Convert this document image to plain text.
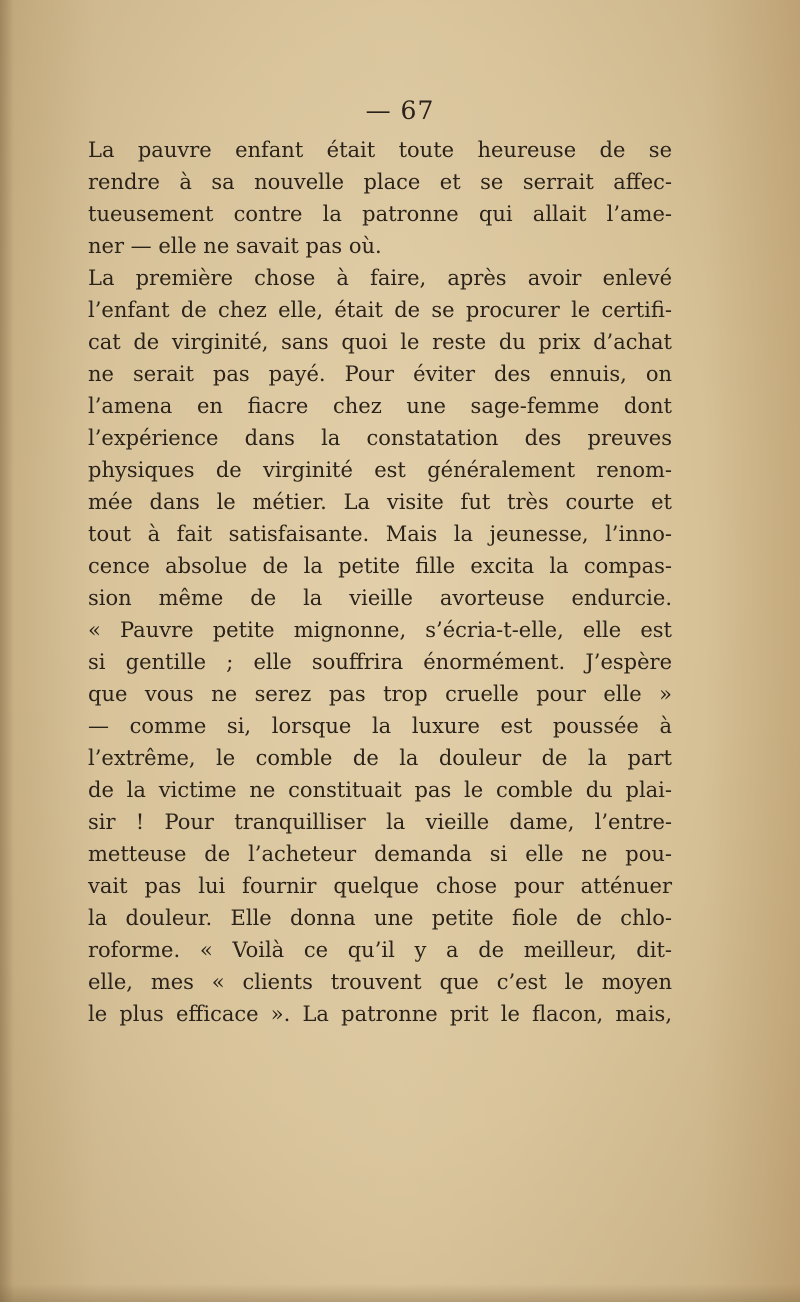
— 67
La pauvre enfant était toute heureuse de se
rendre à sa nouvelle place et se serrait affec-
tueusement contre la patronne qui allait l’ame-
ner — elle ne savait pas où.
La première chose à faire, après avoir enlevé
l’enfant de chez elle, était de se procurer le certifi-
cat de virginité, sans quoi le reste du prix d’achat
ne serait pas payé. Pour éviter des ennuis, on
l’amena en fiacre chez une sage-femme dont
l’expérience dans la constatation des preuves
physiques de virginité est généralement renom-
mée dans le métier. La visite fut très courte et
tout à fait satisfaisante. Mais la jeunesse, l’inno-
cence absolue de la petite fille excita la compas-
sion même de la vieille avorteuse endurcie.
« Pauvre petite mignonne, s’écria-t-elle, elle est
si gentille ; elle souffrira énormément. J’espère
que vous ne serez pas trop cruelle pour elle »
— comme si, lorsque la luxure est poussée à
l’extrême, le comble de la douleur de la part
de la victime ne constituait pas le comble du plai-
sir ! Pour tranquilliser la vieille dame, l’entre-
metteuse de l’acheteur demanda si elle ne pou-
vait pas lui fournir quelque chose pour atténuer
la douleur. Elle donna une petite fiole de chlo-
roforme. « Voilà ce qu’il y a de meilleur, dit-
elle, mes « clients trouvent que c’est le moyen
le plus efficace ». La patronne prit le flacon, mais,
